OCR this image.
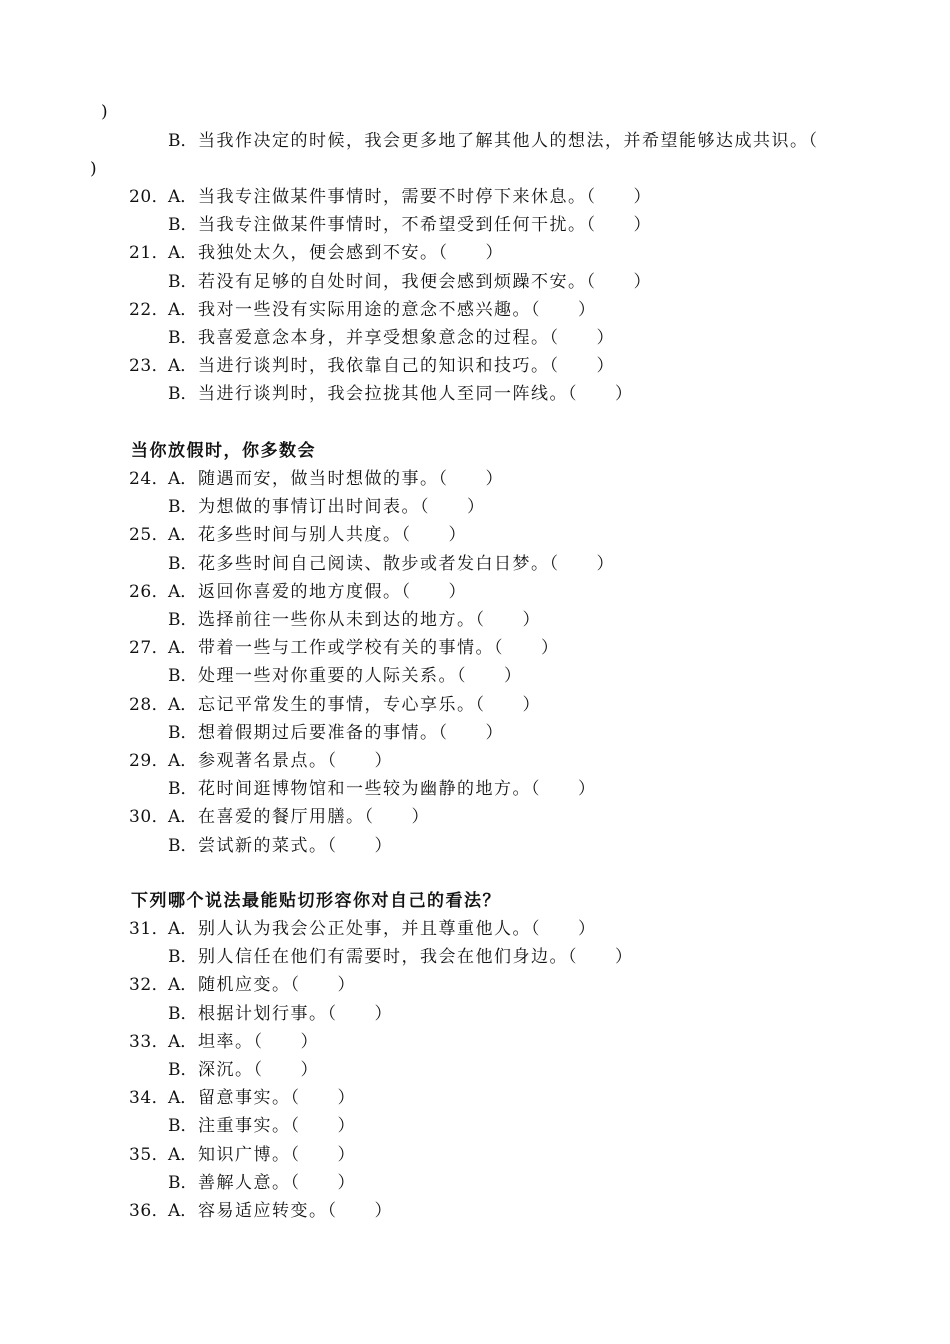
)
B．当我作决定的时候，我会更多地了解其他人的想法，并希望能够达成共识。（
)
20．
A．当我专注做某件事情时，需要不时停下来休息。（　　）
B．当我专注做某件事情时，不希望受到任何干扰。（　　）
21．
A．我独处太久，便会感到不安。（　　）
B．若没有足够的自处时间，我便会感到烦躁不安。（　　）
22．
A．我对一些没有实际用途的意念不感兴趣。（　　）
B．我喜爱意念本身，并享受想象意念的过程。（　　）
23．
A．当进行谈判时，我依靠自己的知识和技巧。（　　）
B．当进行谈判时，我会拉拢其他人至同一阵线。（　　）
当你放假时，你多数会
24．
A．随遇而安，做当时想做的事。（　　）
B．为想做的事情订出时间表。（　　）
25．
A．花多些时间与别人共度。（　　）
B．花多些时间自己阅读、散步或者发白日梦。（　　）
26．
A．返回你喜爱的地方度假。（　　）
B．选择前往一些你从未到达的地方。（　　）
27．
A．带着一些与工作或学校有关的事情。（　　）
B．处理一些对你重要的人际关系。（　　）
28．
A．忘记平常发生的事情，专心享乐。（　　）
B．想着假期过后要准备的事情。（　　）
29．
A．参观著名景点。（　　）
B．花时间逛博物馆和一些较为幽静的地方。（　　）
30．
A．在喜爱的餐厅用膳。（　　）
B．尝试新的菜式。（　　）
下列哪个说法最能贴切形容你对自己的看法？
31．
A．别人认为我会公正处事，并且尊重他人。（　　）
B．别人信任在他们有需要时，我会在他们身边。（　　）
32．
A．随机应变。（　　）
B．根据计划行事。（　　）
33．
A．坦率。（　　）
B．深沉。（　　）
34．
A．留意事实。（　　）
B．注重事实。（　　）
35．
A．知识广博。（　　）
B．善解人意。（　　）
36．
A．容易适应转变。（　　）
